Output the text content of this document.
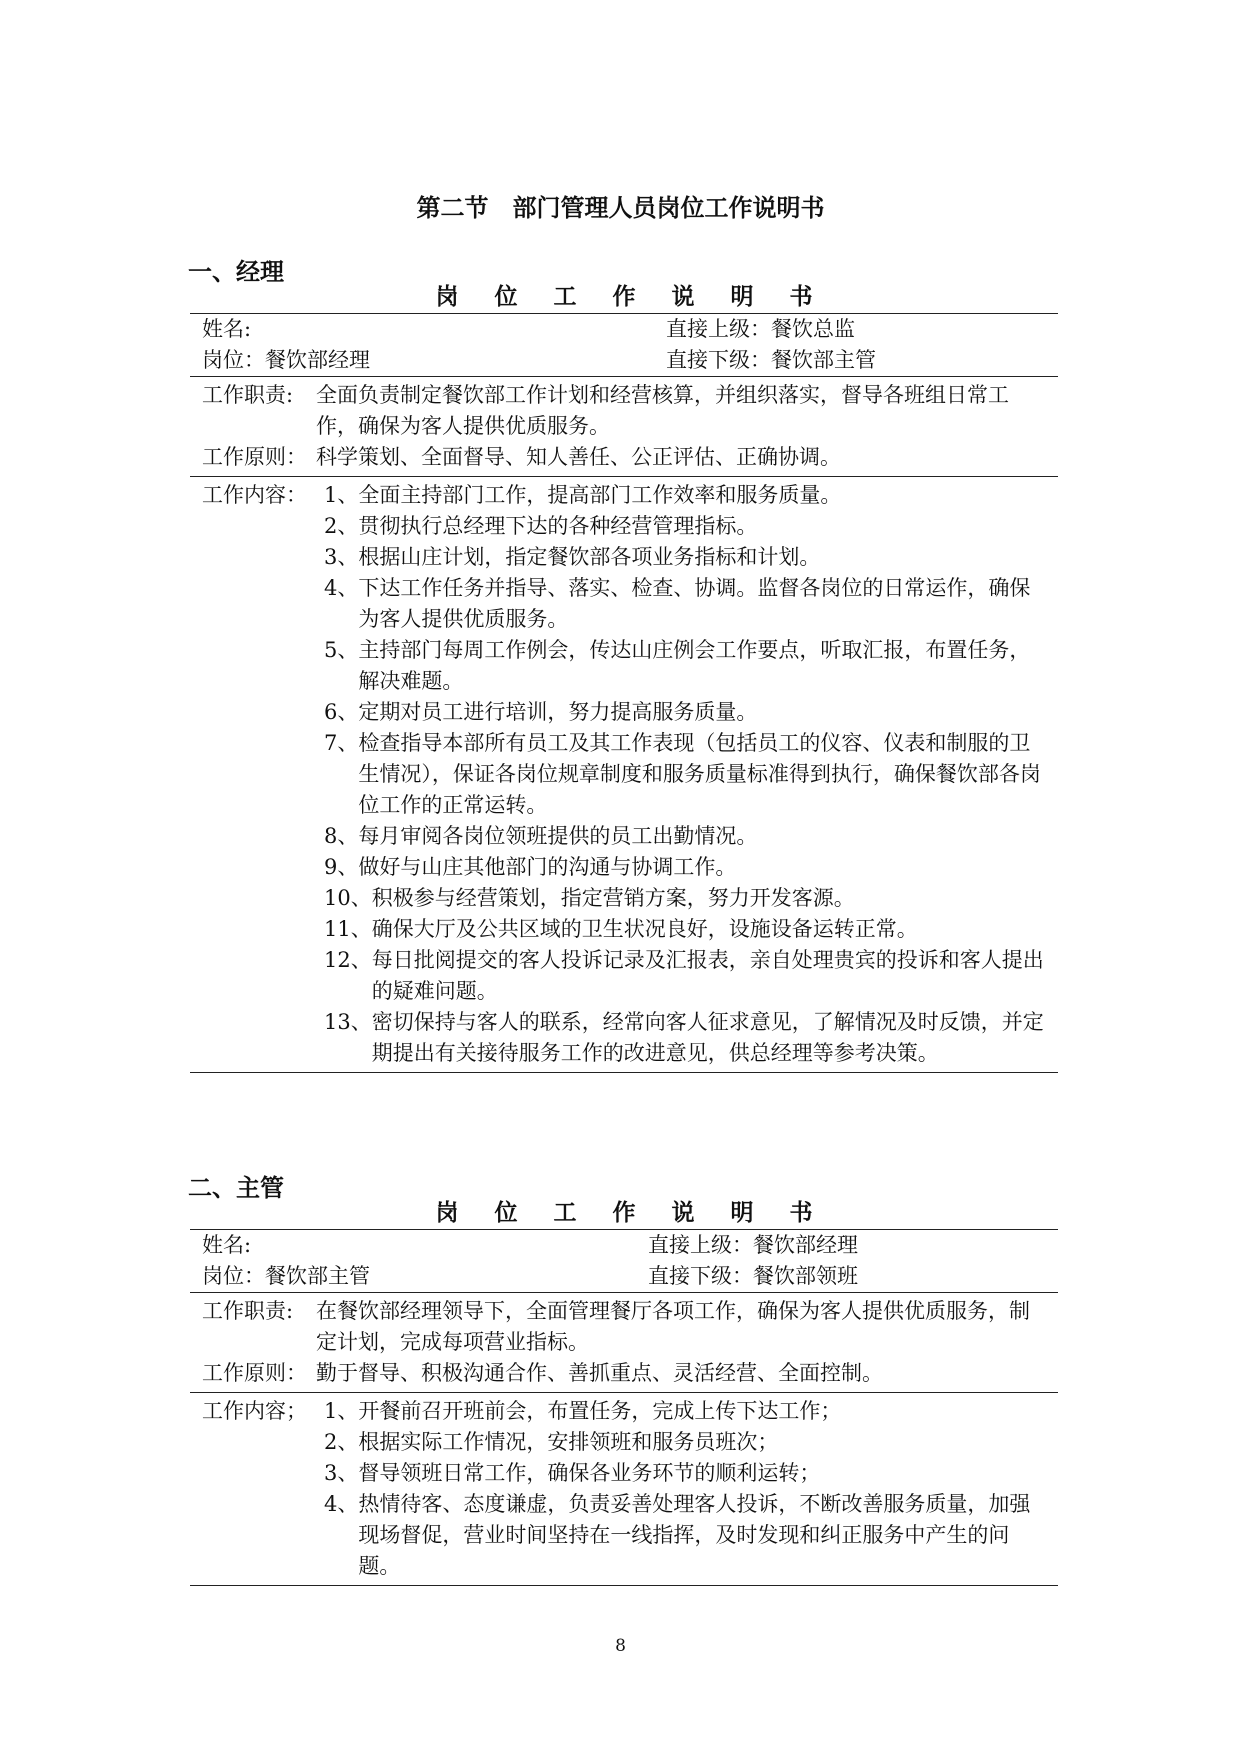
第二节　部门管理人员岗位工作说明书
一、经理
岗 位 工 作 说 明 书
姓名:	直接上级：餐饮总监
岗位：餐饮部经理	直接下级：餐饮部主管
工作职责: 全面负责制定餐饮部工作计划和经营核算，并组织落实，督导各班组日常工作，确保为客人提供优质服务。
工作原则： 科学策划、全面督导、知人善任、公正评估、正确协调。
工作内容： 1、 全面主持部门工作，提高部门工作效率和服务质量。
2、 贯彻执行总经理下达的各种经营管理指标。
3、 根据山庄计划，指定餐饮部各项业务指标和计划。
4、 下达工作任务并指导、落实、检查、协调。监督各岗位的日常运作，确保为客人提供优质服务。
5、 主持部门每周工作例会，传达山庄例会工作要点，听取汇报，布置任务，解决难题。
6、 定期对员工进行培训，努力提高服务质量。
7、 检查指导本部所有员工及其工作表现（包括员工的仪容、仪表和制服的卫生情况），保证各岗位规章制度和服务质量标准得到执行，确保餐饮部各岗位工作的正常运转。
8、 每月审阅各岗位领班提供的员工出勤情况。
9、 做好与山庄其他部门的沟通与协调工作。
10、 积极参与经营策划，指定营销方案，努力开发客源。
11、 确保大厅及公共区域的卫生状况良好，设施设备运转正常。
12、 每日批阅提交的客人投诉记录及汇报表，亲自处理贵宾的投诉和客人提出的疑难问题。
13、 密切保持与客人的联系，经常向客人征求意见，了解情况及时反馈，并定期提出有关接待服务工作的改进意见，供总经理等参考决策。
二、主管
岗 位 工 作 说 明 书
姓名:	直接上级：餐饮部经理
岗位：餐饮部主管	直接下级：餐饮部领班
工作职责: 在餐饮部经理领导下，全面管理餐厅各项工作，确保为客人提供优质服务，制定计划，完成每项营业指标。
工作原则： 勤于督导、积极沟通合作、善抓重点、灵活经营、全面控制。
工作内容； 1、 开餐前召开班前会，布置任务，完成上传下达工作；
2、 根据实际工作情况，安排领班和服务员班次；
3、 督导领班日常工作，确保各业务环节的顺利运转；
4、 热情待客、态度谦虚，负责妥善处理客人投诉，不断改善服务质量，加强现场督促，营业时间坚持在一线指挥，及时发现和纠正服务中产生的问题。
8
